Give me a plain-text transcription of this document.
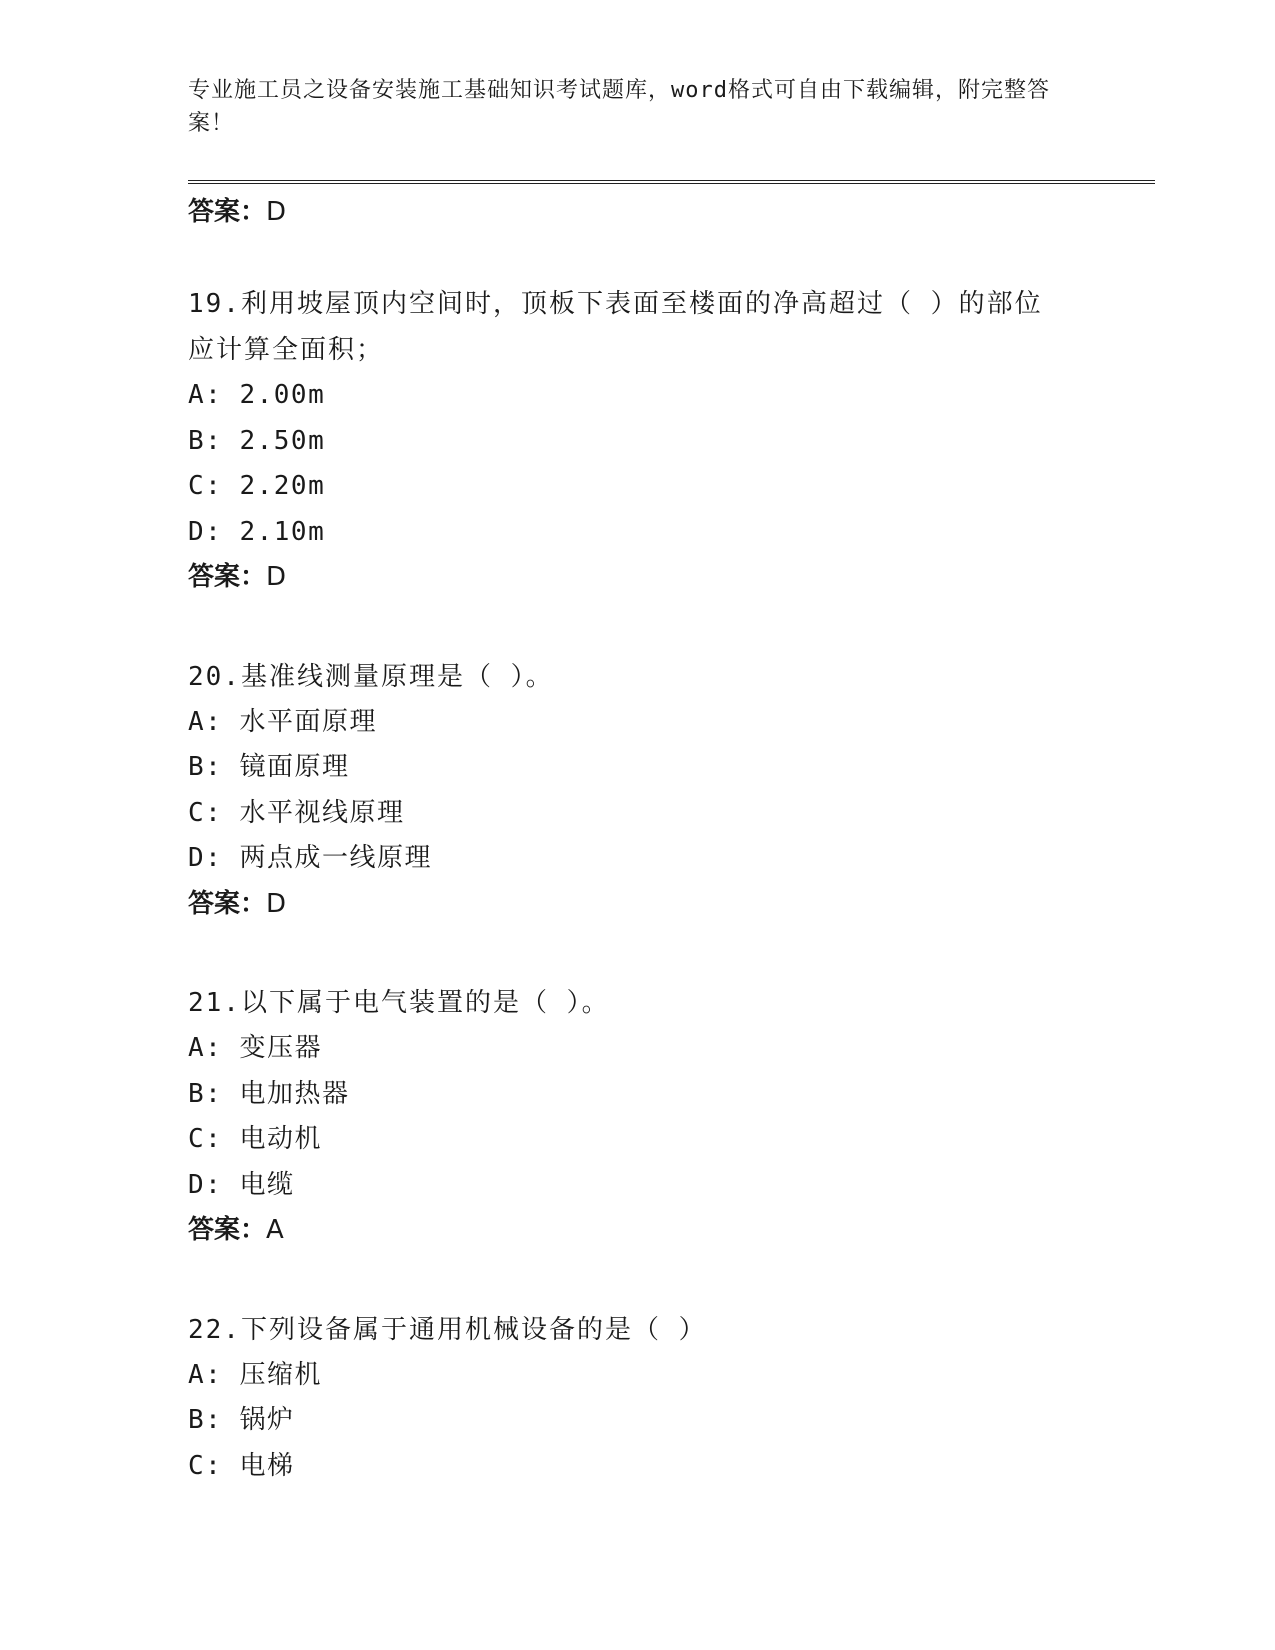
专业施工员之设备安装施工基础知识考试题库，word格式可自由下载编辑，附完整答案！
答案：D

19.利用坡屋顶内空间时，顶板下表面至楼面的净高超过（ ）的部位应计算全面积；

A: 2.00m

B: 2.50m

C: 2.20m

D: 2.10m

答案：D

20.基准线测量原理是（ ）。

A: 水平面原理

B: 镜面原理

C: 水平视线原理

D: 两点成一线原理

答案：D

21.以下属于电气装置的是（ ）。

A: 变压器

B: 电加热器

C: 电动机

D: 电缆

答案：A

22.下列设备属于通用机械设备的是（ ）

A: 压缩机

B: 锅炉

C: 电梯
